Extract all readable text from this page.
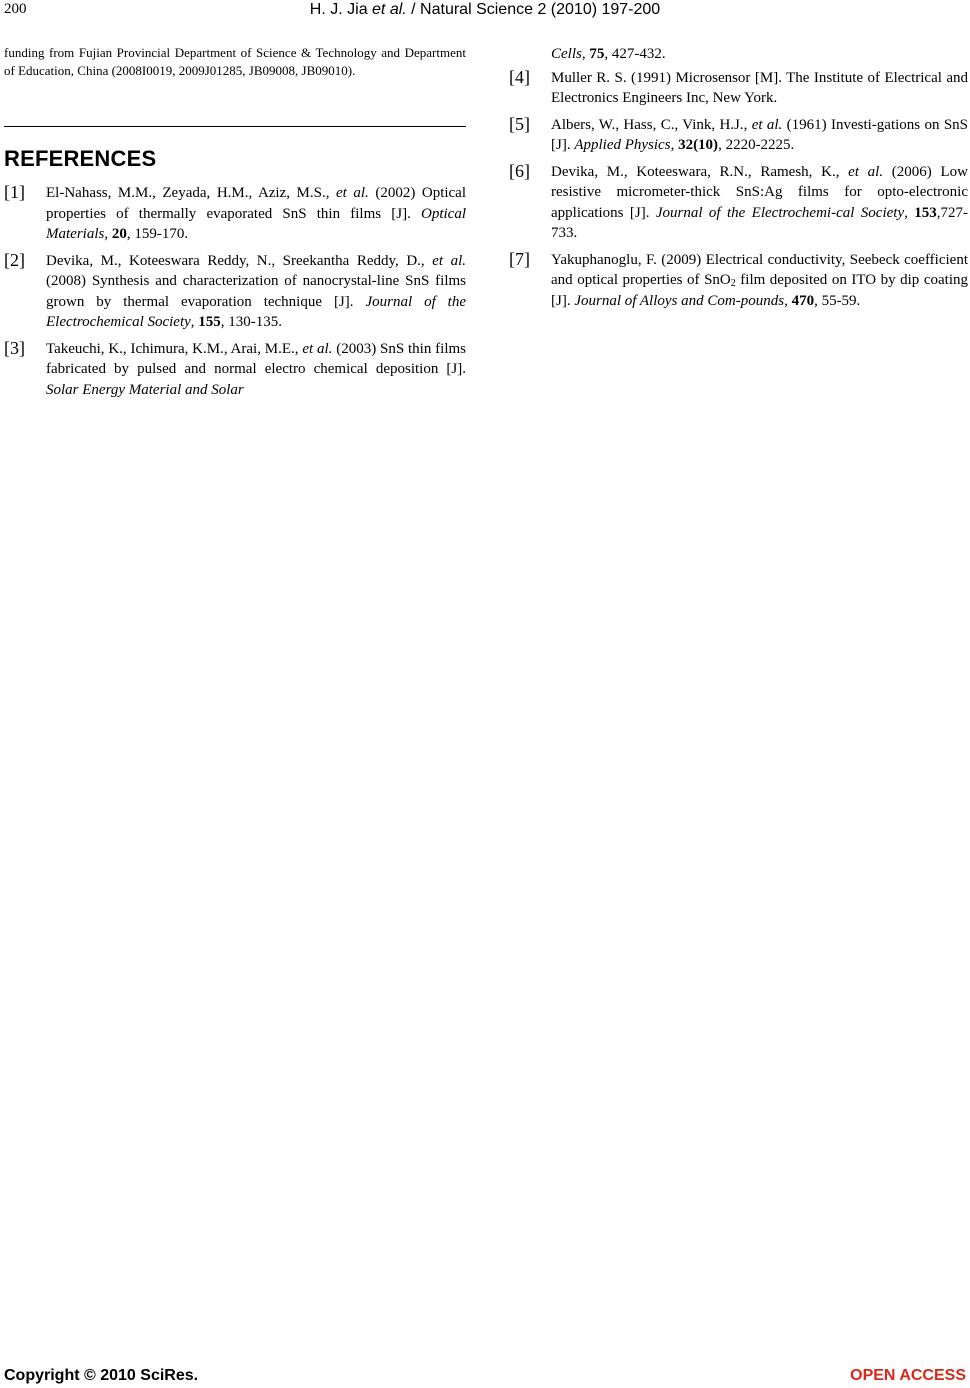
200	H. J. Jia et al. / Natural Science 2 (2010) 197-200

funding from Fujian Provincial Department of Science & Technology and Department of Education, China (2008I0019, 2009J01285, JB09008, JB09010).

REFERENCES
[1] El-Nahass, M.M., Zeyada, H.M., Aziz, M.S., et al. (2002) Optical properties of thermally evaporated SnS thin films [J]. Optical Materials, 20, 159-170.
[2] Devika, M., Koteeswara Reddy, N., Sreekantha Reddy, D., et al. (2008) Synthesis and characterization of nanocrystal-line SnS films grown by thermal evaporation technique [J]. Journal of the Electrochemical Society, 155, 130-135.
[3] Takeuchi, K., Ichimura, K.M., Arai, M.E., et al. (2003) SnS thin films fabricated by pulsed and normal electro chemical deposition [J]. Solar Energy Material and Solar
Cells, 75, 427-432.
[4] Muller R. S. (1991) Microsensor [M]. The Institute of Electrical and Electronics Engineers Inc, New York.
[5] Albers, W., Hass, C., Vink, H.J., et al. (1961) Investi-gations on SnS [J]. Applied Physics, 32(10), 2220-2225.
[6] Devika, M., Koteeswara, R.N., Ramesh, K., et al. (2006) Low resistive micrometer-thick SnS:Ag films for opto-electronic applications [J]. Journal of the Electrochemi-cal Society, 153,727-733.
[7] Yakuphanoglu, F. (2009) Electrical conductivity, Seebeck coefficient and optical properties of SnO$_2$ film deposited on ITO by dip coating [J]. Journal of Alloys and Com-pounds, 470, 55-59.
Copyright © 2010 SciRes.	OPEN ACCESS
